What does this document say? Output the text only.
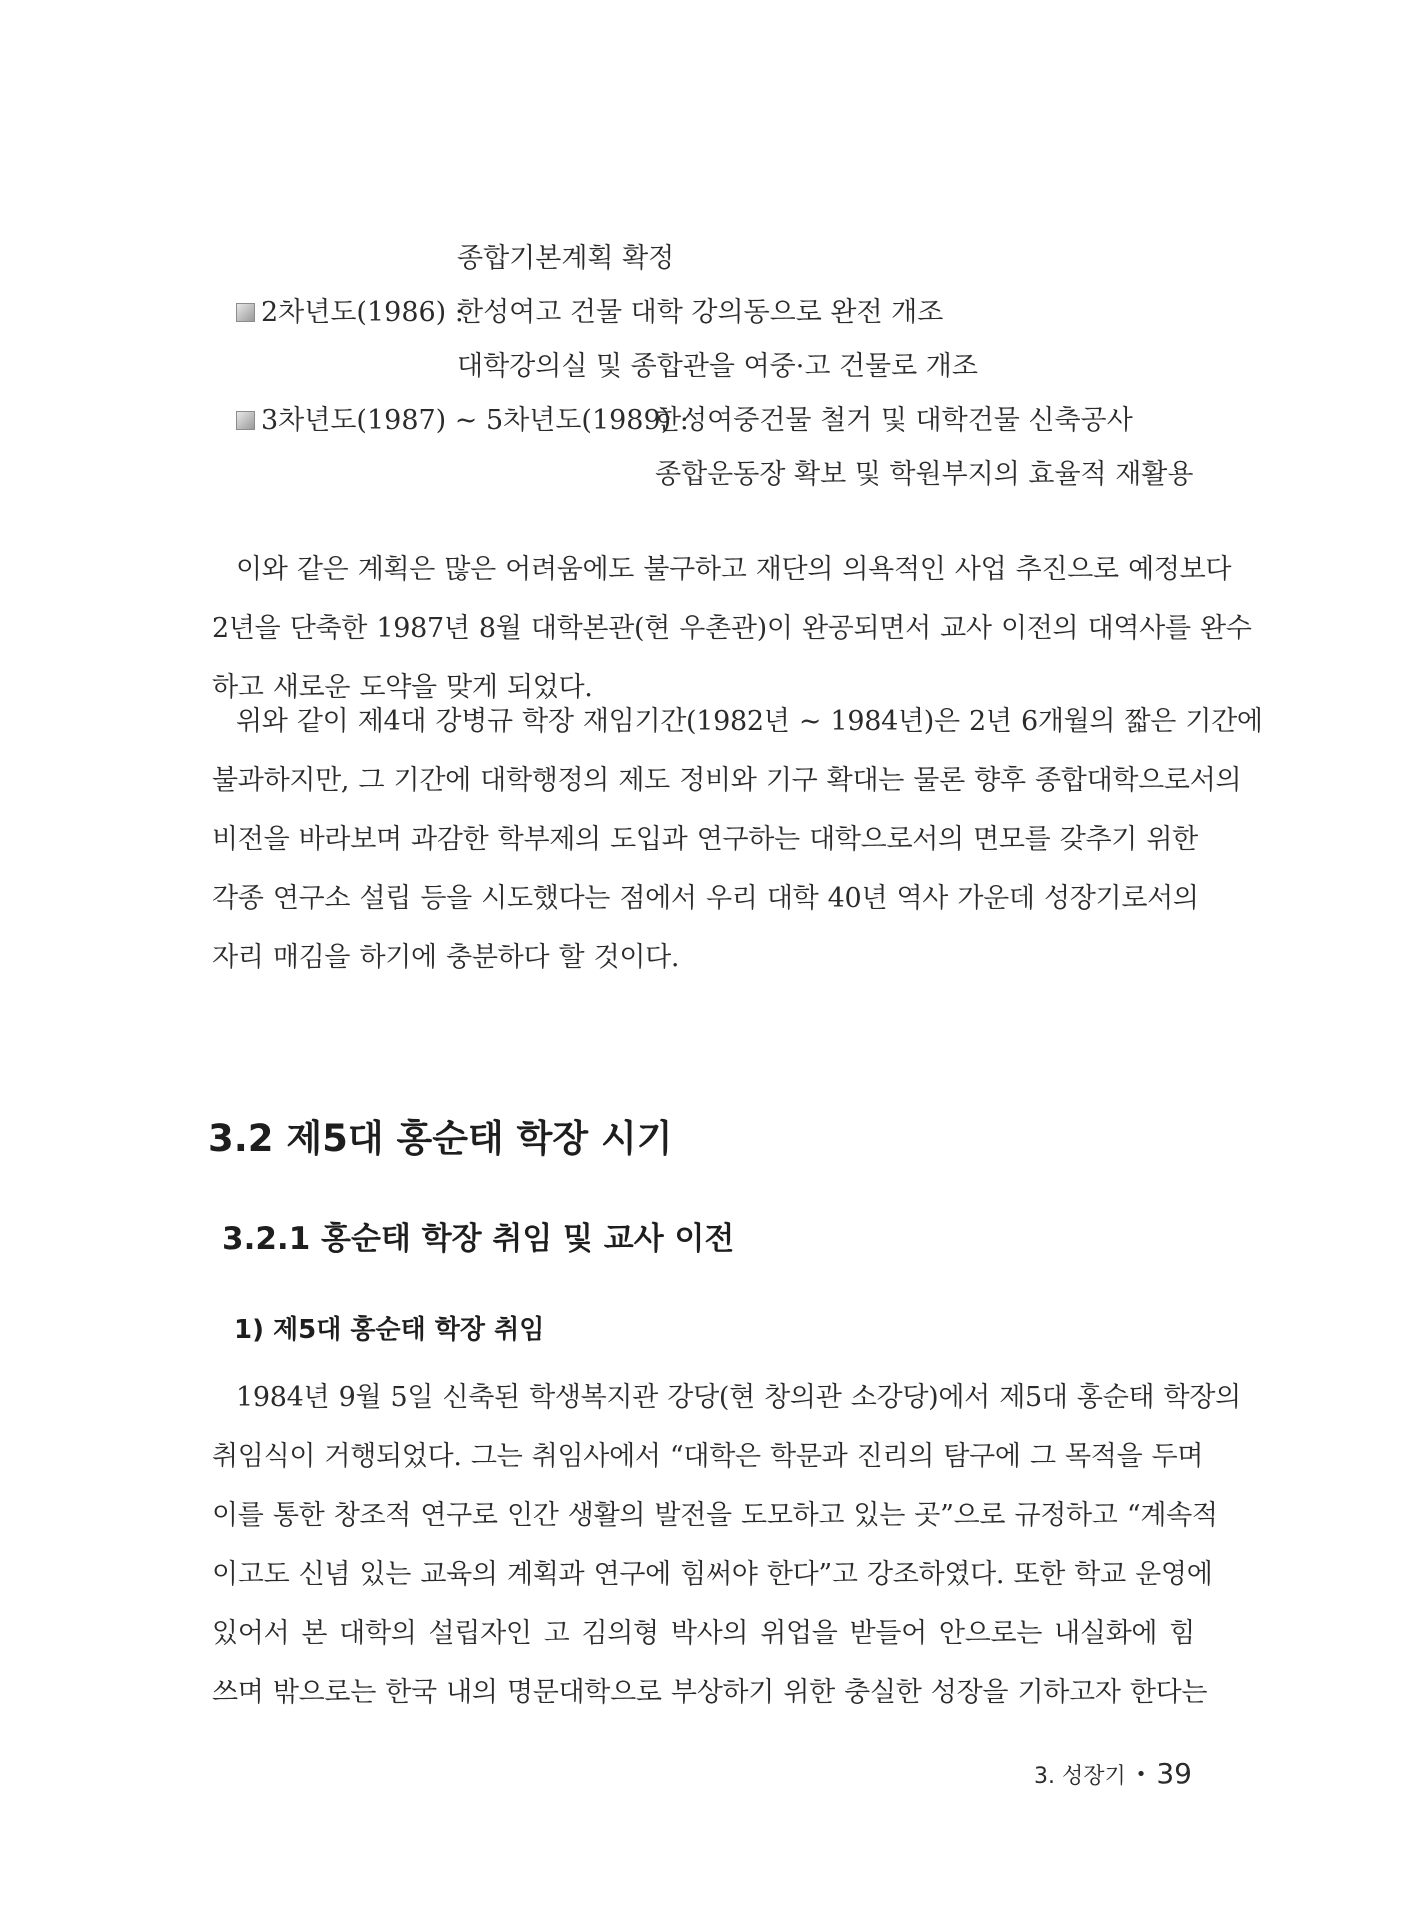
종합기본계획 확정
2차년도(1986) :
한성여고 건물 대학 강의동으로 완전 개조
대학강의실 및 종합관을 여중·고 건물로 개조
3차년도(1987) ~ 5차년도(1989) :
한성여중건물 철거 및 대학건물 신축공사
종합운동장 확보 및 학원부지의 효율적 재활용
이와 같은 계획은 많은 어려움에도 불구하고 재단의 의욕적인 사업 추진으로 예정보다
2년을 단축한 1987년 8월 대학본관(현 우촌관)이 완공되면서 교사 이전의 대역사를 완수
하고 새로운 도약을 맞게 되었다.
위와 같이 제4대 강병규 학장 재임기간(1982년 ~ 1984년)은 2년 6개월의 짧은 기간에
불과하지만, 그 기간에 대학행정의 제도 정비와 기구 확대는 물론 향후 종합대학으로서의
비전을 바라보며 과감한 학부제의 도입과 연구하는 대학으로서의 면모를 갖추기 위한
각종 연구소 설립 등을 시도했다는 점에서 우리 대학 40년 역사 가운데 성장기로서의
자리 매김을 하기에 충분하다 할 것이다.
3.2 제5대 홍순태 학장 시기
3.2.1 홍순태 학장 취임 및 교사 이전
1) 제5대 홍순태 학장 취임
1984년 9월 5일 신축된 학생복지관 강당(현 창의관 소강당)에서 제5대 홍순태 학장의
취임식이 거행되었다. 그는 취임사에서 “대학은 학문과 진리의 탐구에 그 목적을 두며
이를 통한 창조적 연구로 인간 생활의 발전을 도모하고 있는 곳”으로 규정하고 “계속적
이고도 신념 있는 교육의 계획과 연구에 힘써야 한다”고 강조하였다. 또한 학교 운영에
있어서 본 대학의 설립자인 고 김의형 박사의 위업을 받들어 안으로는 내실화에 힘
쓰며 밖으로는 한국 내의 명문대학으로 부상하기 위한 충실한 성장을 기하고자 한다는
3. 성장기 • 39
